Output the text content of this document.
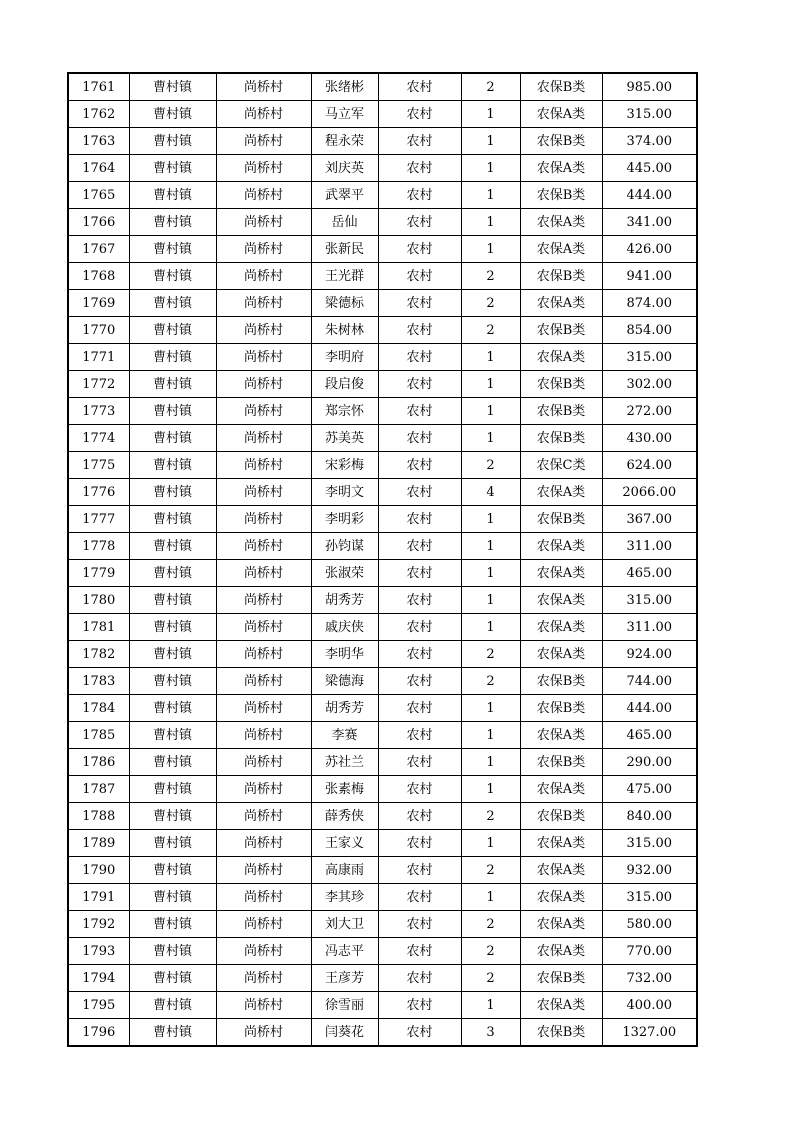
1761	曹村镇	尚桥村	张绪彬	农村	2	农保B类	985.00
1762	曹村镇	尚桥村	马立军	农村	1	农保A类	315.00
1763	曹村镇	尚桥村	程永荣	农村	1	农保B类	374.00
1764	曹村镇	尚桥村	刘庆英	农村	1	农保A类	445.00
1765	曹村镇	尚桥村	武翠平	农村	1	农保B类	444.00
1766	曹村镇	尚桥村	岳仙	农村	1	农保A类	341.00
1767	曹村镇	尚桥村	张新民	农村	1	农保A类	426.00
1768	曹村镇	尚桥村	王光群	农村	2	农保B类	941.00
1769	曹村镇	尚桥村	梁德标	农村	2	农保A类	874.00
1770	曹村镇	尚桥村	朱树林	农村	2	农保B类	854.00
1771	曹村镇	尚桥村	李明府	农村	1	农保A类	315.00
1772	曹村镇	尚桥村	段启俊	农村	1	农保B类	302.00
1773	曹村镇	尚桥村	郑宗怀	农村	1	农保B类	272.00
1774	曹村镇	尚桥村	苏美英	农村	1	农保B类	430.00
1775	曹村镇	尚桥村	宋彩梅	农村	2	农保C类	624.00
1776	曹村镇	尚桥村	李明文	农村	4	农保A类	2066.00
1777	曹村镇	尚桥村	李明彩	农村	1	农保B类	367.00
1778	曹村镇	尚桥村	孙钧谋	农村	1	农保A类	311.00
1779	曹村镇	尚桥村	张淑荣	农村	1	农保A类	465.00
1780	曹村镇	尚桥村	胡秀芳	农村	1	农保A类	315.00
1781	曹村镇	尚桥村	戚庆侠	农村	1	农保A类	311.00
1782	曹村镇	尚桥村	李明华	农村	2	农保A类	924.00
1783	曹村镇	尚桥村	梁德海	农村	2	农保B类	744.00
1784	曹村镇	尚桥村	胡秀芳	农村	1	农保B类	444.00
1785	曹村镇	尚桥村	李赛	农村	1	农保A类	465.00
1786	曹村镇	尚桥村	苏社兰	农村	1	农保B类	290.00
1787	曹村镇	尚桥村	张素梅	农村	1	农保A类	475.00
1788	曹村镇	尚桥村	薛秀侠	农村	2	农保B类	840.00
1789	曹村镇	尚桥村	王家义	农村	1	农保A类	315.00
1790	曹村镇	尚桥村	高康雨	农村	2	农保A类	932.00
1791	曹村镇	尚桥村	李其珍	农村	1	农保A类	315.00
1792	曹村镇	尚桥村	刘大卫	农村	2	农保A类	580.00
1793	曹村镇	尚桥村	冯志平	农村	2	农保A类	770.00
1794	曹村镇	尚桥村	王彦芳	农村	2	农保B类	732.00
1795	曹村镇	尚桥村	徐雪丽	农村	1	农保A类	400.00
1796	曹村镇	尚桥村	闫葵花	农村	3	农保B类	1327.00
